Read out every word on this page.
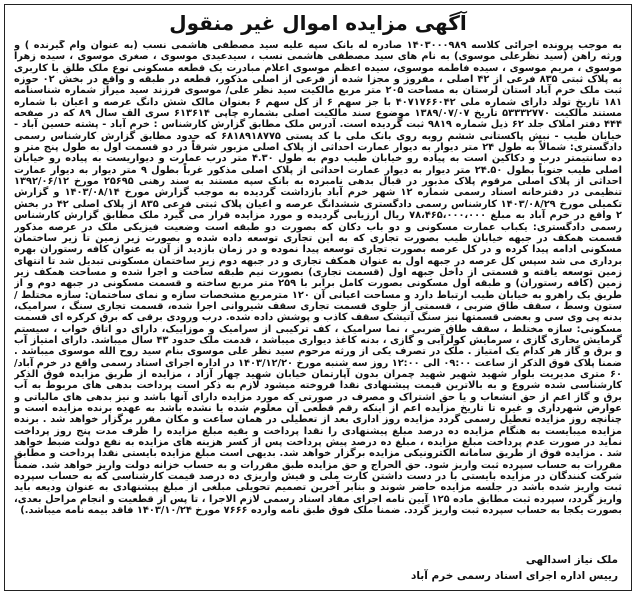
آگهی مزایده اموال غیر منقول

به موجب پرونده اجرائی کلاسه ۱۴۰۳۰۰۰۹۸۹ صادره له بانک سپه علیه سید مصطفی هاشمی نسب (به عنوان وام گیرنده ) و ورثه راهن (سید نظرعلی موسوی) به نام های سید مصطفی هاشمی نسب ، سیدعیدی موسوی ، صغری موسوی ، سیده زهرا موسوی ، مریم موسوی ، سیده فاطمه موسوی، سیده اعظم موسوی اعلام مبادرت یک قطعه مسکونی نوع ملک طلق با کاربری به پلاک ثبتی ۸۳۵ فرعی از ۴۲ اصلی ، مفروز و مجزا شده از فرعی از اصلی مذکور، قطعه در طبقه و واقع در بخش ۰۲ حوزه ثبت ملک خرم آباد استان لرستان به مساحت ۲۰۵ متر مربع مالکیت سید نظر علی/ موسوی فرزند سید میراز شماره شناسنامه ۱۸۱ تاریخ تولد دارای شماره ملی ۴۰۷۱۷۶۶۰۴۲ با جز سهم ۶ از کل سهم ۶ بعنوان مالک شش دانگ عرصه و اعیان با شماره مستند مالکیت ۵۳۳۳۲۷۷۰ تاریخ ۱۳۸۹/۰۷/۰۷ موضوع سند مالکیت اصلی بشماره چاپی ۶۱۳۶۱۴ سری الف سال ۸۹ که در صفحه ۴۴۴ دفتر املاک جلد ۶۲ ذیل شماره ۹۸۱۹ ثبت گردیده است. آدرس ملک مطابق گزارش کارشناس : خرم آباد - پشته حسین آباد - خیابان طیب - نبش پاکستانی ششم روبه روی بانک ملی با کد پستی ۶۸۱۸۹۱۸۷۷۵ که حدود مطابق گزارش کارشناس رسمی دادگستری: شمالاً به طول ۲۴ متر دیوار به دیوار عمارت احداثی از پلاک اصلی مزبور شرقاً در دو قسمت اول به طول پنج متر و ده سانتیمتر درب و دکاکین است به پیاده رو خیابان طیب دوم به طول ۴.۳۰ متر درب عمارت و دیواریست به پیاده رو خیابان اصلی طیب جنوباً بطول ۲۴.۵۰ متر دیوار به دیوار عمارت احداثی از پلاک اصلی مذکور غرباً بطول ۹ متر دیوار به دیوار عمارت احداثی از پلاک اصلی مرقوم پلاک مذبور در قبال بدهی نامبرده به بانک سپه مستند به سند رهنی ۲۵۶۹۵ مورخ ۱۳۹۲/۰۶/۱۲ تنظیمی در دفترخانه اسناد رسمی شماره ۱۲ شهر خرم آباد بازداشت گردیده به موجب گزارش مورخ ۱۴۰۳/۰۸/۱۴ و گزارش تکمیلی مورخ ۱۴۰۳/۰۸/۲۹ کارشناس رسمی دادگستری ششدانگ عرصه و اعیان پلاک ثبتی فرعی ۸۳۵ از پلاک اصلی ۴۲ در بخش ۲ واقع در خرم آباد به مبلغ ۷۸،۴۶۵،۰۰۰،۰۰۰ ریال ارزیابی گردیده و مورد مزایده قرار می گیرد ملک مطابق گزارش کارشناس رسمی دادگستری: یکباب عمارت مسکونی و دو باب دکان که بصورت دو طبقه است وضعیت فیزیکی ملک در عرصه مذکور قسمت همکف در جبهه خیابان طیب بصورت تجاری که به این تجاری توسعه داده شده و بصورت زیر زمین تا زیر ساختمان مسکونی ادامه پیدا کرده و در کل عرصه بصورت تجاری توسعه پیدا نموده و در زمان بازدید از آن به عنوان کافه رستوران بهره برداری می شد سپس کل عرصه در جبهه اول به عنوان همکف تجاری و در جبهه دوم زیر ساختمان مسکونی تبدیل شد تا انتهای زمین توسعه یافته و قسمتی از داخل جبهه اول (قسمت تجاری) بصورت نیم طبقه ساخت و اجرا شده و مساحت همکف زیر زمین (کافه رستوران) و طبقه اول مسکونی بصورت کامل برابر با ۲۵۹ متر مربع ساخته و قسمت مسکونی در جبهه دوم و از طریق یک راهرو به خیابان طیب ارتباط دارد و مساحت اعیانی آن ۱۲۰ مترمربع مشخصات سازه و نمای ساختمان: سازه مختلط / ستون وسط ، سقف طاق ضربی ، قسمتی از جلوی قسمت تجاری سقف شیروانی اجرا شده، قسمت تجاری سنگ ، سرامیک، بدنه پی وی سی و بعضی قسمتها نیز سنگ آتیشک سقف کاذب و پوشش داده شده. درب ورودی برقی که برق کرکره ای قسمت مسکونی: سازه مختلط ، سقف طاق ضربی ، نما سرامیک ، کف ترکیبی از سرامیک و موزاییک، دارای دو اتاق خواب ، سیستم گرمایش بخاری گازی ، سرمایش کولرآبی و گازی ، بدنه کاغذ دیواری میباشد ، قدمت ملک حدود ۴۳ سال میباشد. دارای امتیاز آب و برق و گاز هر کدام یک امتیاز . ملک در تصرف یکی از ورثه مرحوم سید نظر علی موسوی بنام سید روح الله موسوی میباشد . ضمنا پلاک فوق الذکر از ساعت ۰۹:۰۰ الی ۱۲:۰۰ روز سه شنبه مورخ ۱۴۰۳/۱۲/۲۰ در اداره اجرای اسناد رسمی واقع در خرم آباد/ ۶۰ متری مدیریت بلوار شهید شهیر شهید چمران بدون آپارتمان خیابان شهید چهار آزاد ، مزایده از طریق مزایده فوق الذکر کارشناسی شده شروع و به بالاترین قیمت پیشنهادی نقدا فروخته میشود لازم به ذکر است پرداخت بدهی های مربوط به آب برق و گاز اعم از حق انشعاب و یا حق اشتراک و مصرف در صورتی که مورد مزایده دارای آنها باشد و نیز بدهی های مالیاتی و عوارض شهرداری و غیره تا تاریخ مزایده اعم از اینکه رقم قطعی آن معلوم شده یا نشده باشد به عهده برنده مزایده است و چنانچه روز مزایده تعطیل رسمی گردد مزایده روز اداری بعد از تعطیلی در همان ساعت و مکان مقرر برگزار خواهد شد . برنده مزایده میبایست به هنگام مزایده ده درصد مبلغ پیشنهادی را نقدا پرداخت و بقیه مبلغ مزایده را ظرف مدت پنج روز پرداخت نماید در صورت عدم پرداخت مبلغ مزایده ، مبلغ ده درصد پیش پرداخت پس از کسر هزینه های مزایده به نفع دولت ضبط خواهد شد . مزایده فوق از طریق سامانه الکترونیکی مزایده برگزار خواهد شد. بدیهی است مبلغ مزایده بایستی نقدا پرداخت و مطابق مقررات به حساب سپرده ثبت واریز شود. حق الحراج و حق مزایده طبق مقررات و به حساب خزانه دولت واریز خواهد شد. ضمناً شرکت کنندگان در مزایده بایستی با در دست داشتن کارت ملی و فیش واریزی ده درصد قیمت کارشناسی که به حساب سپرده ثبت واریز شده باشد در جلسه مزایده حاضر شوند و بنابر آخرین تصمیم تحویلی مبلغی از مبلغ پیشنهادی به عنوان ودیعه باید واریز گردد، سپرده ثبت مطابق ماده ۱۲۵ آیین نامه اجرای مفاد اسناد رسمی لازم الاجرا ، تا پس از قطعیت و انجام مراحل بعدی، بصورت یکجا به حساب سپرده ثبت واریز گردد. ضمنا ملک فوق طبق نامه وارده ۷۶۶۶ مورخ ۱۴۰۳/۱۰/۲۴ فاقد بیمه نامه میباشد.)

ملک نیاز اسدالهی
رییس اداره اجرای اسناد رسمی خرم آباد
